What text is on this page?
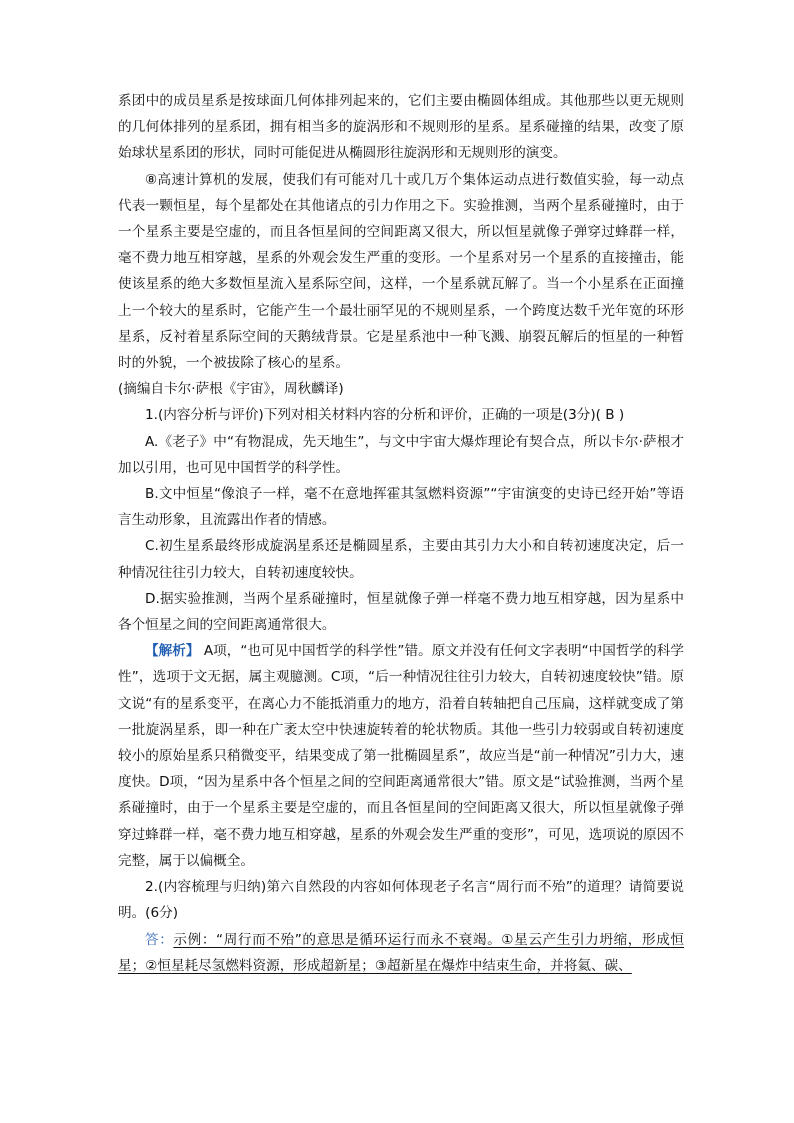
系团中的成员星系是按球面几何体排列起来的，它们主要由椭圆体组成。其他那些以更无规则的几何体排列的星系团，拥有相当多的旋涡形和不规则形的星系。星系碰撞的结果，改变了原始球状星系团的形状，同时可能促进从椭圆形往旋涡形和无规则形的演变。

⑧高速计算机的发展，使我们有可能对几十或几万个集体运动点进行数值实验，每一动点代表一颗恒星，每个星都处在其他诸点的引力作用之下。实验推测，当两个星系碰撞时，由于一个星系主要是空虚的，而且各恒星间的空间距离又很大，所以恒星就像子弹穿过蜂群一样，毫不费力地互相穿越，星系的外观会发生严重的变形。一个星系对另一个星系的直接撞击，能使该星系的绝大多数恒星流入星系际空间，这样，一个星系就瓦解了。当一个小星系在正面撞上一个较大的星系时，它能产生一个最壮丽罕见的不规则星系，一个跨度达数千光年宽的环形星系，反衬着星系际空间的天鹅绒背景。它是星系池中一种飞溅、崩裂瓦解后的恒星的一种暂时的外貌，一个被拔除了核心的星系。

(摘编自卡尔·萨根《宇宙》，周秋麟译)

1.(内容分析与评价)下列对相关材料内容的分析和评价，正确的一项是(3分)( B )

A.《老子》中“有物混成，先天地生”，与文中宇宙大爆炸理论有契合点，所以卡尔·萨根才加以引用，也可见中国哲学的科学性。

B.文中恒星“像浪子一样，毫不在意地挥霍其氢燃料资源”“宇宙演变的史诗已经开始”等语言生动形象，且流露出作者的情感。

C.初生星系最终形成旋涡星系还是椭圆星系，主要由其引力大小和自转初速度决定，后一种情况往往引力较大，自转初速度较快。

D.据实验推测，当两个星系碰撞时，恒星就像子弹一样毫不费力地互相穿越，因为星系中各个恒星之间的空间距离通常很大。

【解析】 A项，“也可见中国哲学的科学性”错。原文并没有任何文字表明“中国哲学的科学性”，选项于文无据，属主观臆测。C项，“后一种情况往往引力较大，自转初速度较快”错。原文说“有的星系变平，在离心力不能抵消重力的地方，沿着自转轴把自己压扁，这样就变成了第一批旋涡星系，即一种在广袤太空中快速旋转着的轮状物质。其他一些引力较弱或自转初速度较小的原始星系只稍微变平，结果变成了第一批椭圆星系”，故应当是“前一种情况”引力大，速度快。D项，“因为星系中各个恒星之间的空间距离通常很大”错。原文是“试验推测，当两个星系碰撞时，由于一个星系主要是空虚的，而且各恒星间的空间距离又很大，所以恒星就像子弹穿过蜂群一样，毫不费力地互相穿越，星系的外观会发生严重的变形”，可见，选项说的原因不完整，属于以偏概全。

2.(内容梳理与归纳)第六自然段的内容如何体现老子名言“周行而不殆”的道理？请简要说明。(6分)

答：示例：“周行而不殆”的意思是循环运行而永不衰竭。①星云产生引力坍缩，形成恒星；②恒星耗尽氢燃料资源，形成超新星；③超新星在爆炸中结束生命，并将氦、碳、
